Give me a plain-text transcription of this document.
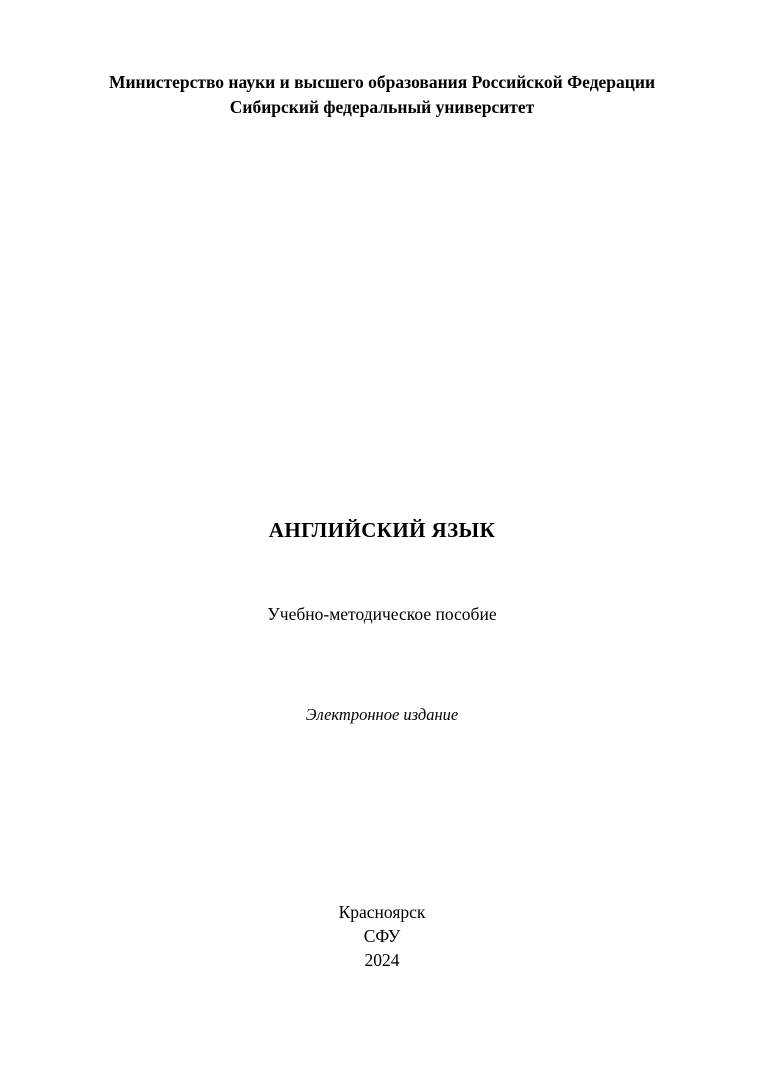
Министерство науки и высшего образования Российской Федерации
Сибирский федеральный университет
АНГЛИЙСКИЙ ЯЗЫК
Учебно-методическое пособие
Электронное издание
Красноярск
СФУ
2024
